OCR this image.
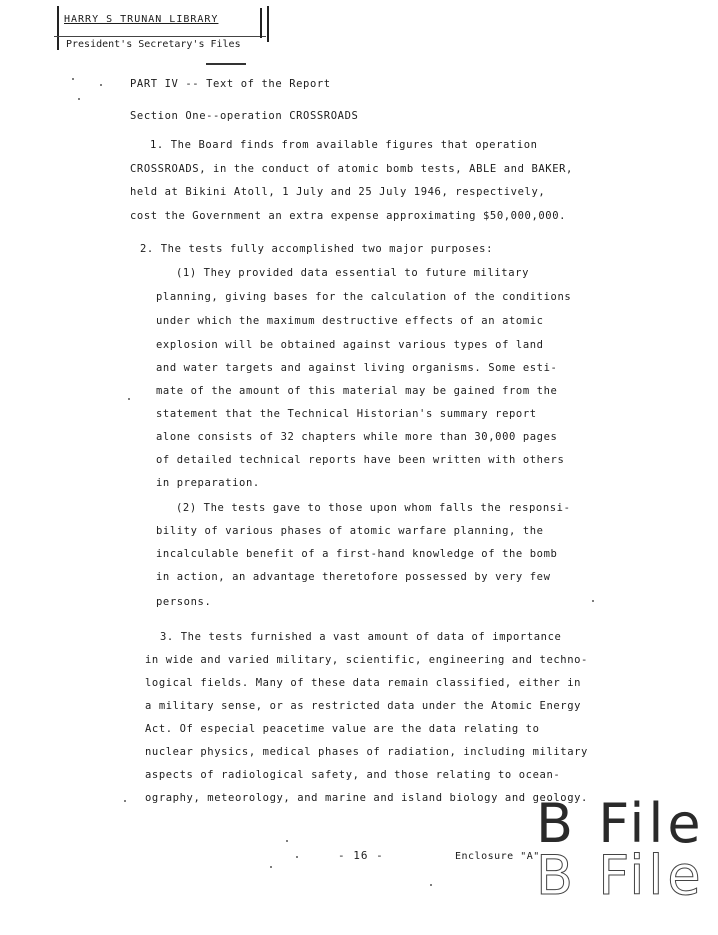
HARRY S TRUNAN LIBRARY
President's Secretary's Files
PART IV -- Text of the Report
Section One--operation CROSSROADS
1. The Board finds from available figures that operation
CROSSROADS, in the conduct of atomic bomb tests, ABLE and BAKER,
held at Bikini Atoll, 1 July and 25 July 1946, respectively,
cost the Government an extra expense approximating $50,000,000.
2. The tests fully accomplished two major purposes:
(1) They provided data essential to future military
planning, giving bases for the calculation of the conditions
under which the maximum destructive effects of an atomic
explosion will be obtained against various types of land
and water targets and against living organisms. Some esti-
mate of the amount of this material may be gained from the
statement that the Technical Historian's summary report
alone consists of 32 chapters while more than 30,000 pages
of detailed technical reports have been written with others
in preparation.
(2) The tests gave to those upon whom falls the responsi-
bility of various phases of atomic warfare planning, the
incalculable benefit of a first-hand knowledge of the bomb
in action, an advantage theretofore possessed by very few
persons.
3. The tests furnished a vast amount of data of importance
in wide and varied military, scientific, engineering and techno-
logical fields. Many of these data remain classified, either in
a military sense, or as restricted data under the Atomic Energy
Act. Of especial peacetime value are the data relating to
nuclear physics, medical phases of radiation, including military
aspects of radiological safety, and those relating to ocean-
ography, meteorology, and marine and island biology and geology.
- 16 -	Enclosure "A"
B File
B File
